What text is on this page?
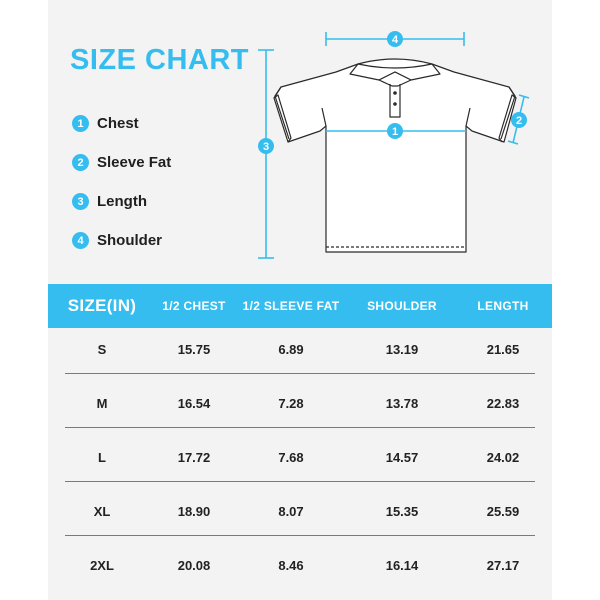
SIZE CHART
1 Chest
2 Sleeve Fat
3 Length
4 Shoulder
4
1
3
2
SIZE(IN)	1/2 CHEST	1/2 SLEEVE FAT	SHOULDER	LENGTH
S	15.75	6.89	13.19	21.65
M	16.54	7.28	13.78	22.83
L	17.72	7.68	14.57	24.02
XL	18.90	8.07	15.35	25.59
2XL	20.08	8.46	16.14	27.17
